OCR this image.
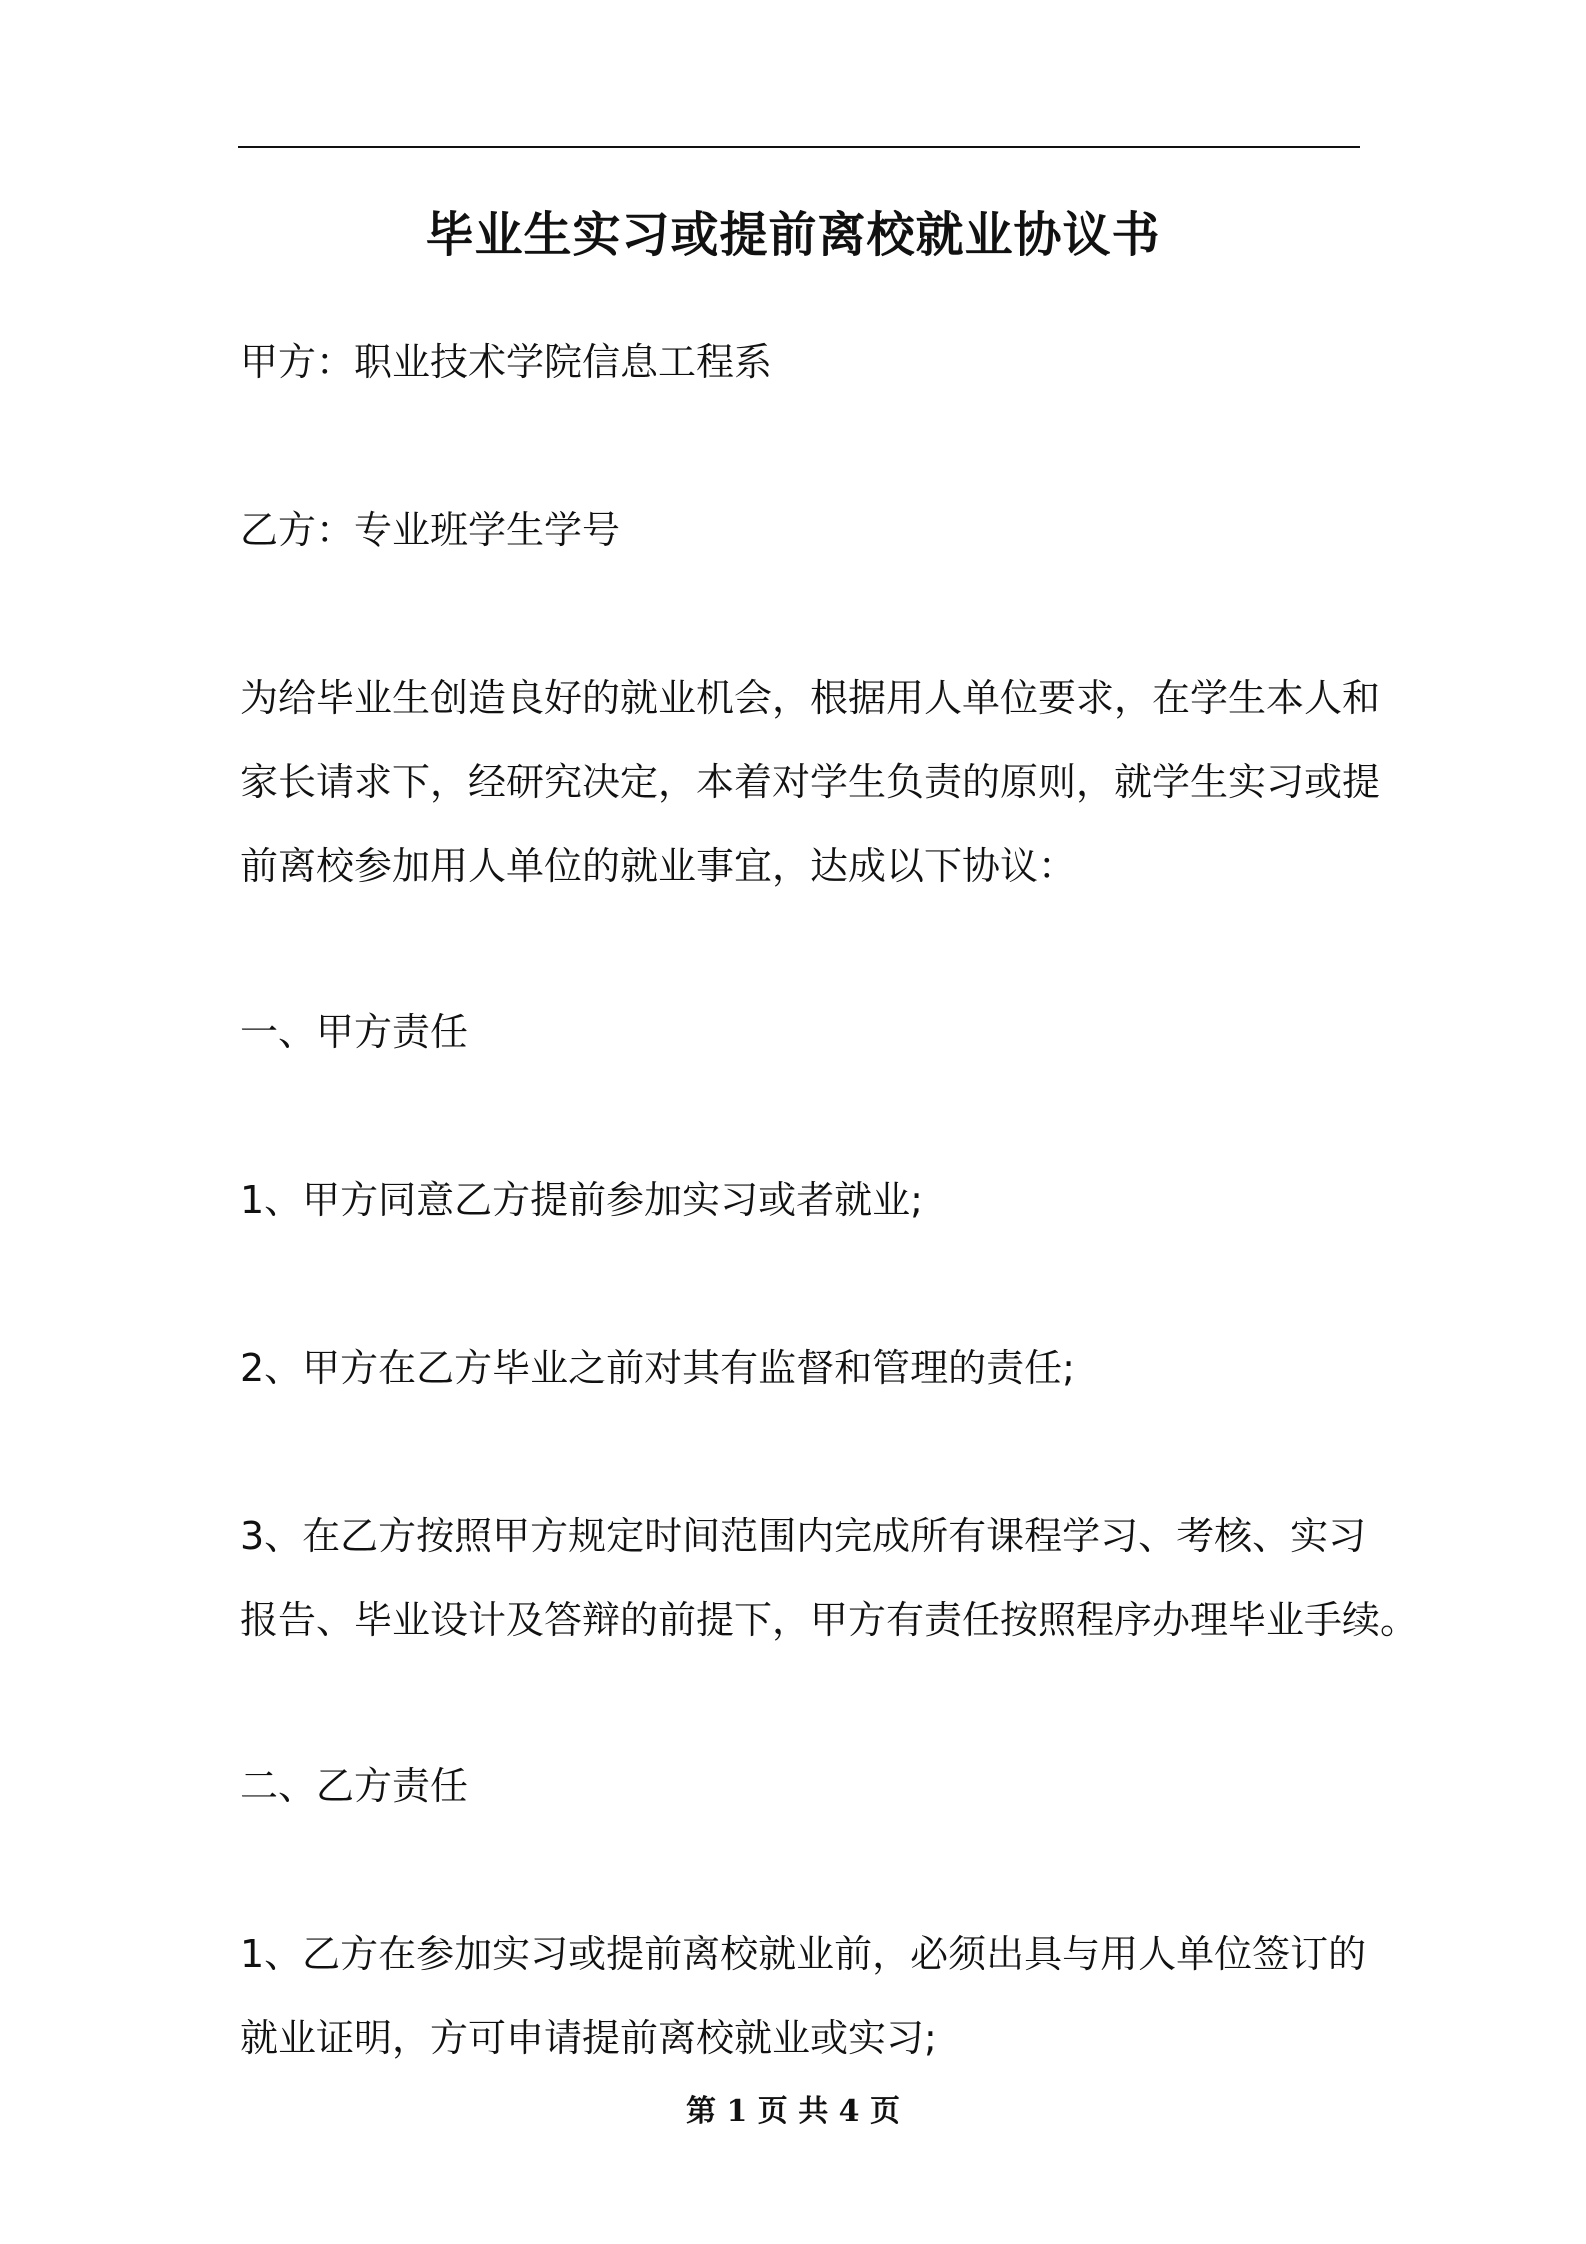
毕业生实习或提前离校就业协议书
甲方：职业技术学院信息工程系
乙方：专业班学生学号
为给毕业生创造良好的就业机会，根据用人单位要求，在学生本人和
家长请求下，经研究决定，本着对学生负责的原则，就学生实习或提
前离校参加用人单位的就业事宜，达成以下协议：
一、甲方责任
1、甲方同意乙方提前参加实习或者就业;
2、甲方在乙方毕业之前对其有监督和管理的责任;
3、在乙方按照甲方规定时间范围内完成所有课程学习、考核、实习
报告、毕业设计及答辩的前提下，甲方有责任按照程序办理毕业手续。
二、乙方责任
1、乙方在参加实习或提前离校就业前，必须出具与用人单位签订的
就业证明，方可申请提前离校就业或实习;
第 1 页 共 4 页
